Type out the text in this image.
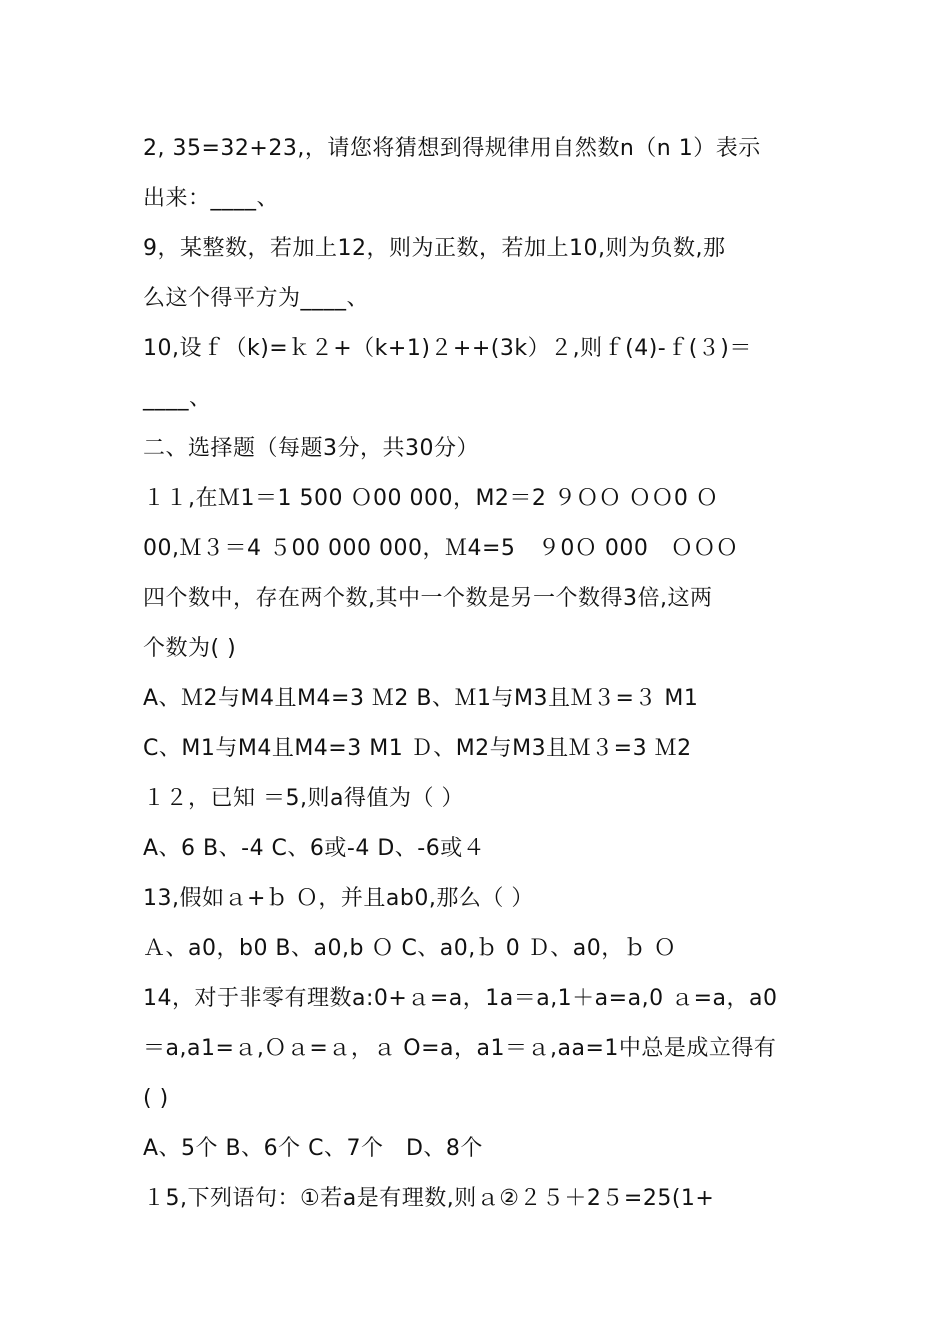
2, 35=32+23,，请您将猜想到得规律用自然数n（n 1）表示
出来：____、
9，某整数，若加上12，则为正数，若加上10,则为负数,那
么这个得平方为____、
10,设ｆ（k)=ｋ２+（k+1)２++(3k）２,则ｆ(4)-ｆ(３)＝
____、
二、选择题（每题3分，共30分）
１１,在Ｍ1＝1 500 Ｏ00 000，M2＝2 ９ＯＯ ＯＯ0 Ｏ
00,Ｍ３＝4 ５00 000 000，Ｍ4=5　９0Ｏ 000　ＯＯＯ
四个数中，存在两个数,其中一个数是另一个数得3倍,这两
个数为( )
A、Ｍ2与M4且M4=3 Ｍ2 B、Ｍ1与M3且Ｍ３=３ M1
C、M1与M4且M4=3 M1 Ｄ、M2与M3且Ｍ３=3 Ｍ2
１２，已知 ＝5,则a得值为（ ）
A、6 B、-4 C、6或-4 D、-6或４
13,假如ａ+ｂ Ｏ，并且ab0,那么（ ）
Ａ、a0，b0 B、a0,b Ｏ C、a0,ｂ 0 Ｄ、a0，ｂ Ｏ
14，对于非零有理数a:0+ａ=a，1a＝a,1＋a=a,0 ａ=a，a0
＝a,a1=ａ,Ｏａ=ａ，ａ O=a，a1＝ａ,aa=1中总是成立得有
( )
A、5个 B、6个 C、7个　D、8个
１5,下列语句：①若a是有理数,则ａ②２５＋2５=25(1+
